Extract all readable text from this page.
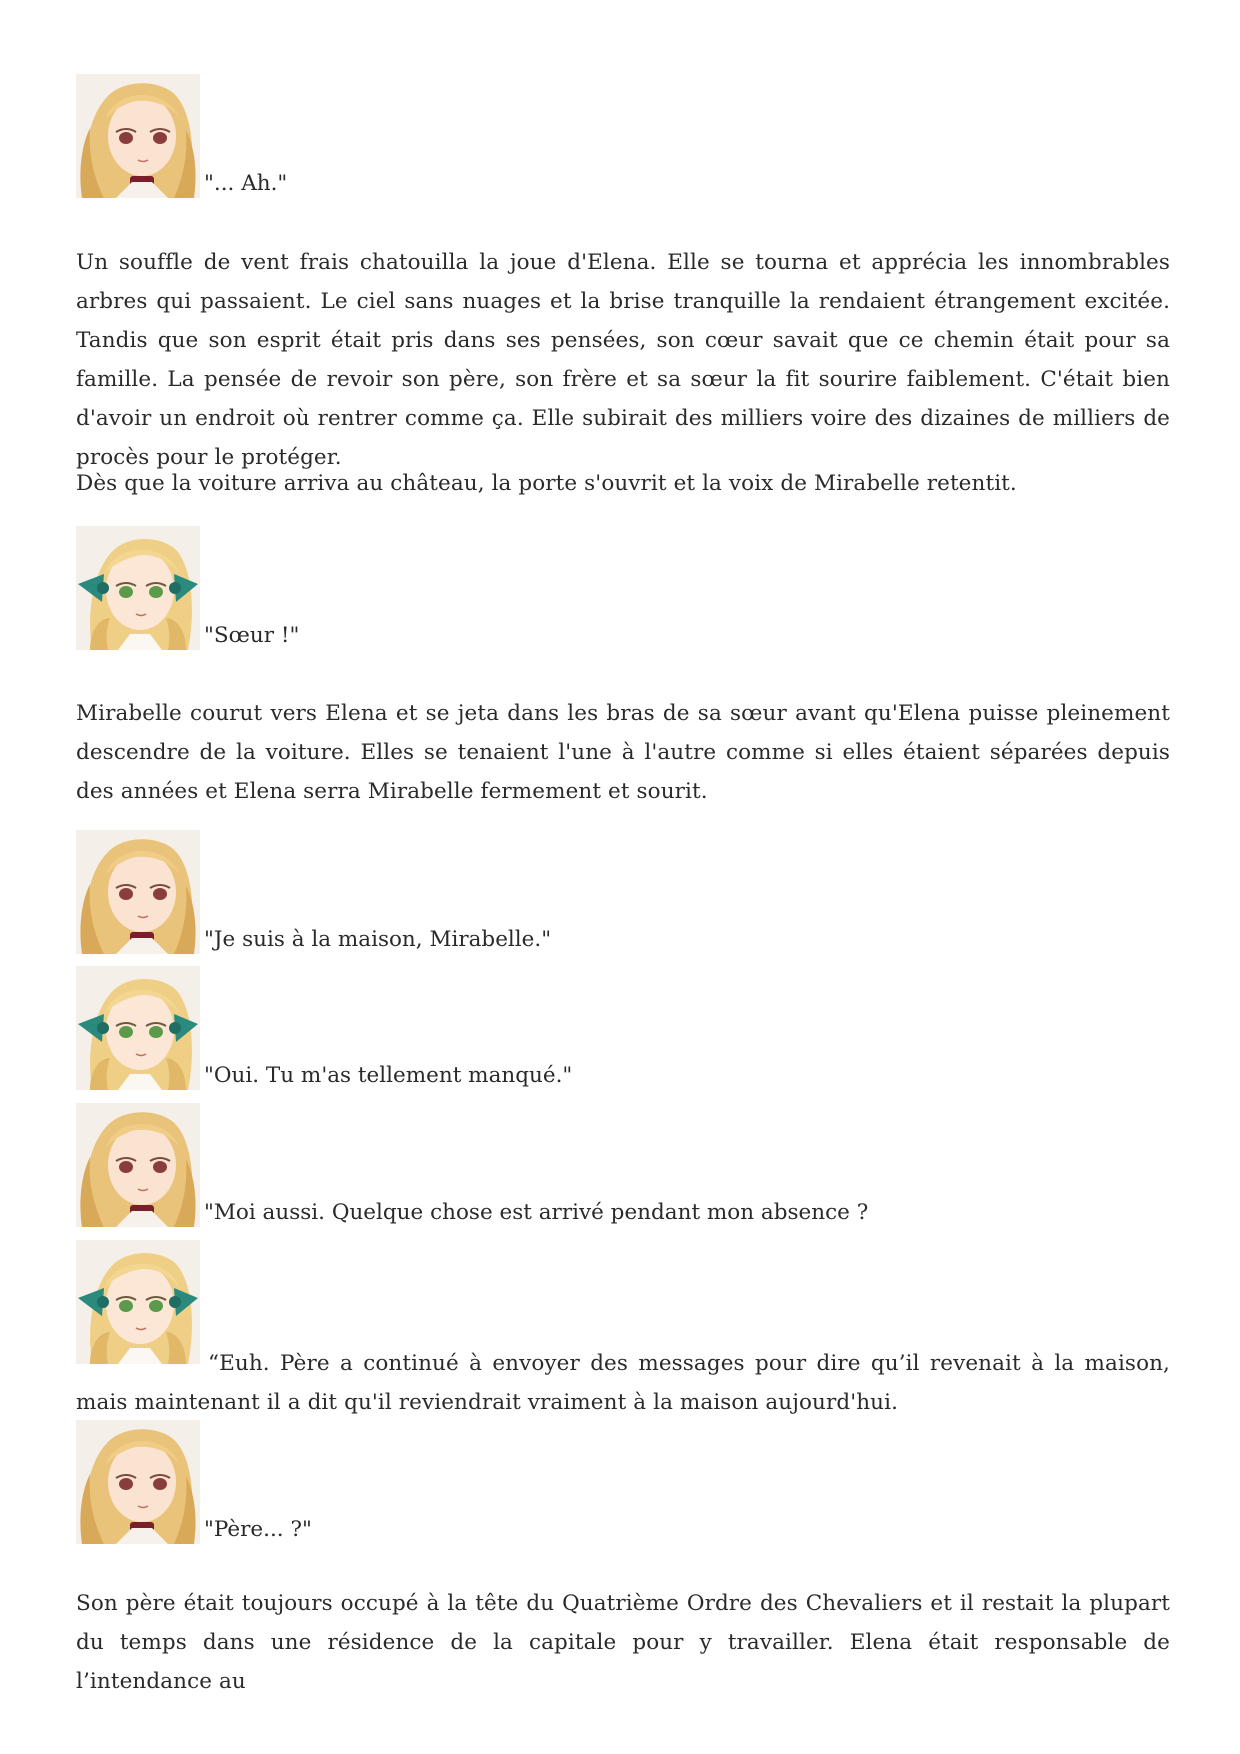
"... Ah."
Un souffle de vent frais chatouilla la joue d'Elena. Elle se tourna et apprécia les innombrables arbres qui passaient. Le ciel sans nuages et la brise tranquille la rendaient étrangement excitée. Tandis que son esprit était pris dans ses pensées, son cœur savait que ce chemin était pour sa famille. La pensée de revoir son père, son frère et sa sœur la fit sourire faiblement. C'était bien d'avoir un endroit où rentrer comme ça. Elle subirait des milliers voire des dizaines de milliers de procès pour le protéger.
Dès que la voiture arriva au château, la porte s'ouvrit et la voix de Mirabelle retentit.
"Sœur !"
Mirabelle courut vers Elena et se jeta dans les bras de sa sœur avant qu'Elena puisse pleinement descendre de la voiture. Elles se tenaient l'une à l'autre comme si elles étaient séparées depuis des années et Elena serra Mirabelle fermement et sourit.
"Je suis à la maison, Mirabelle."
"Oui. Tu m'as tellement manqué."
"Moi aussi. Quelque chose est arrivé pendant mon absence ?
“Euh. Père a continué à envoyer des messages pour dire qu’il revenait à la maison, mais maintenant il a dit qu'il reviendrait vraiment à la maison aujourd'hui.
"Père... ?"
Son père était toujours occupé à la tête du Quatrième Ordre des Chevaliers et il restait la plupart du temps dans une résidence de la capitale pour y travailler. Elena était responsable de l’intendance au
